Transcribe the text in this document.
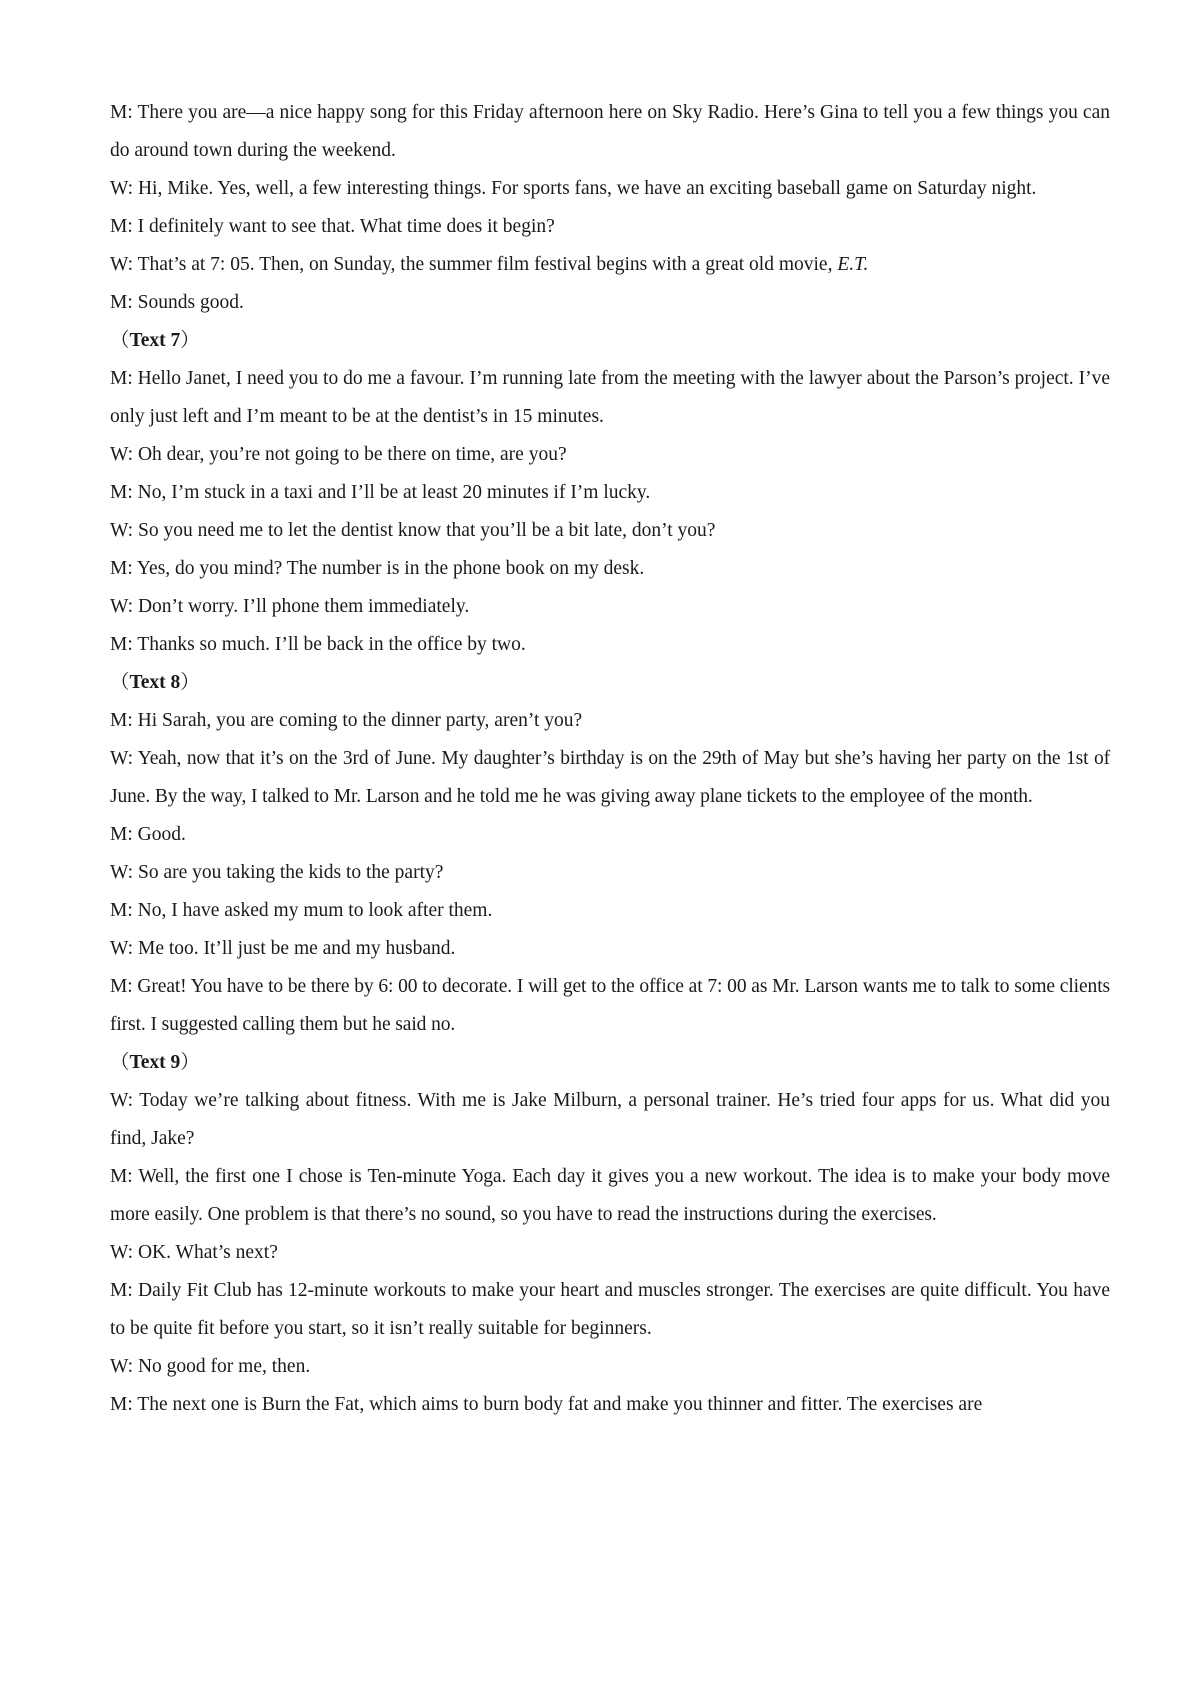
M: There you are—a nice happy song for this Friday afternoon here on Sky Radio. Here’s Gina to tell you a few things you can do around town during the weekend.

W: Hi, Mike. Yes, well, a few interesting things. For sports fans, we have an exciting baseball game on Saturday night.

M: I definitely want to see that. What time does it begin?

W: That’s at 7: 05. Then, on Sunday, the summer film festival begins with a great old movie, E.T.

M: Sounds good.

（Text 7）

M: Hello Janet, I need you to do me a favour. I’m running late from the meeting with the lawyer about the Parson’s project. I’ve only just left and I’m meant to be at the dentist’s in 15 minutes.

W: Oh dear, you’re not going to be there on time, are you?

M: No, I’m stuck in a taxi and I’ll be at least 20 minutes if I’m lucky.

W: So you need me to let the dentist know that you’ll be a bit late, don’t you?

M: Yes, do you mind? The number is in the phone book on my desk.

W: Don’t worry. I’ll phone them immediately.

M: Thanks so much. I’ll be back in the office by two.

（Text 8）

M: Hi Sarah, you are coming to the dinner party, aren’t you?

W: Yeah, now that it’s on the 3rd of June. My daughter’s birthday is on the 29th of May but she’s having her party on the 1st of June. By the way, I talked to Mr. Larson and he told me he was giving away plane tickets to the employee of the month.

M: Good.

W: So are you taking the kids to the party?

M: No, I have asked my mum to look after them.

W: Me too. It’ll just be me and my husband.

M: Great! You have to be there by 6: 00 to decorate. I will get to the office at 7: 00 as Mr. Larson wants me to talk to some clients first. I suggested calling them but he said no.

（Text 9）

W: Today we’re talking about fitness. With me is Jake Milburn, a personal trainer. He’s tried four apps for us. What did you find, Jake?

M: Well, the first one I chose is Ten-minute Yoga. Each day it gives you a new workout. The idea is to make your body move more easily. One problem is that there’s no sound, so you have to read the instructions during the exercises.

W: OK. What’s next?

M: Daily Fit Club has 12-minute workouts to make your heart and muscles stronger. The exercises are quite difficult. You have to be quite fit before you start, so it isn’t really suitable for beginners.

W: No good for me, then.

M: The next one is Burn the Fat, which aims to burn body fat and make you thinner and fitter. The exercises are
